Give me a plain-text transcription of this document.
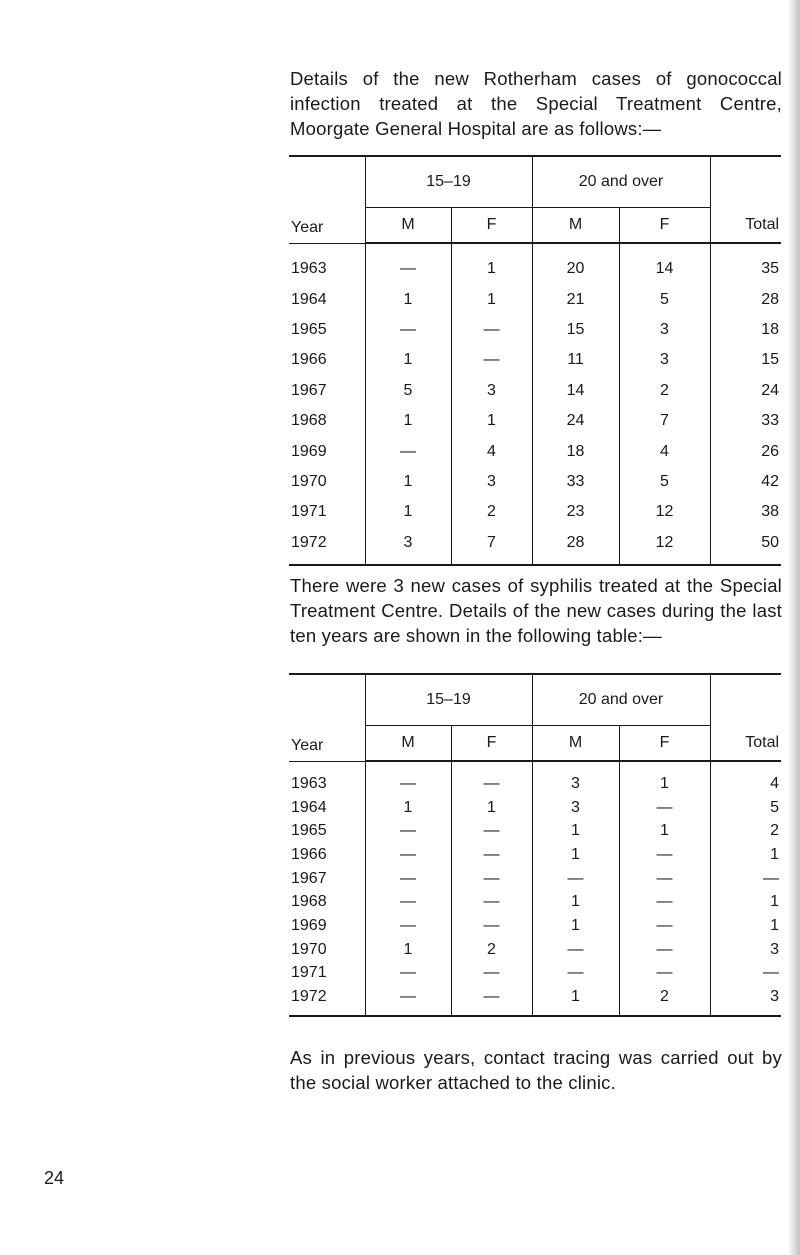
Details of the new Rotherham cases of gonococcal infection treated at the Special Treatment Centre, Moorgate General Hospital are as follows:—

Year	15–19		20 and over		
	M	F	M	F	Total
1963	—	1	20	14	35
1964	1	1	21	5	28
1965	—	—	15	3	18
1966	1	—	11	3	15
1967	5	3	14	2	24
1968	1	1	24	7	33
1969	—	4	18	4	26
1970	1	3	33	5	42
1971	1	2	23	12	38
1972	3	7	28	12	50

There were 3 new cases of syphilis treated at the Special Treatment Centre. Details of the new cases during the last ten years are shown in the following table:—

Year	15–19		20 and over		
	M	F	M	F	Total
1963	—	—	3	1	4
1964	1	1	3	—	5
1965	—	—	1	1	2
1966	—	—	1	—	1
1967	—	—	—	—	—
1968	—	—	1	—	1
1969	—	—	1	—	1
1970	1	2	—	—	3
1971	—	—	—	—	—
1972	—	—	1	2	3

As in previous years, contact tracing was carried out by the social worker attached to the clinic.

24
